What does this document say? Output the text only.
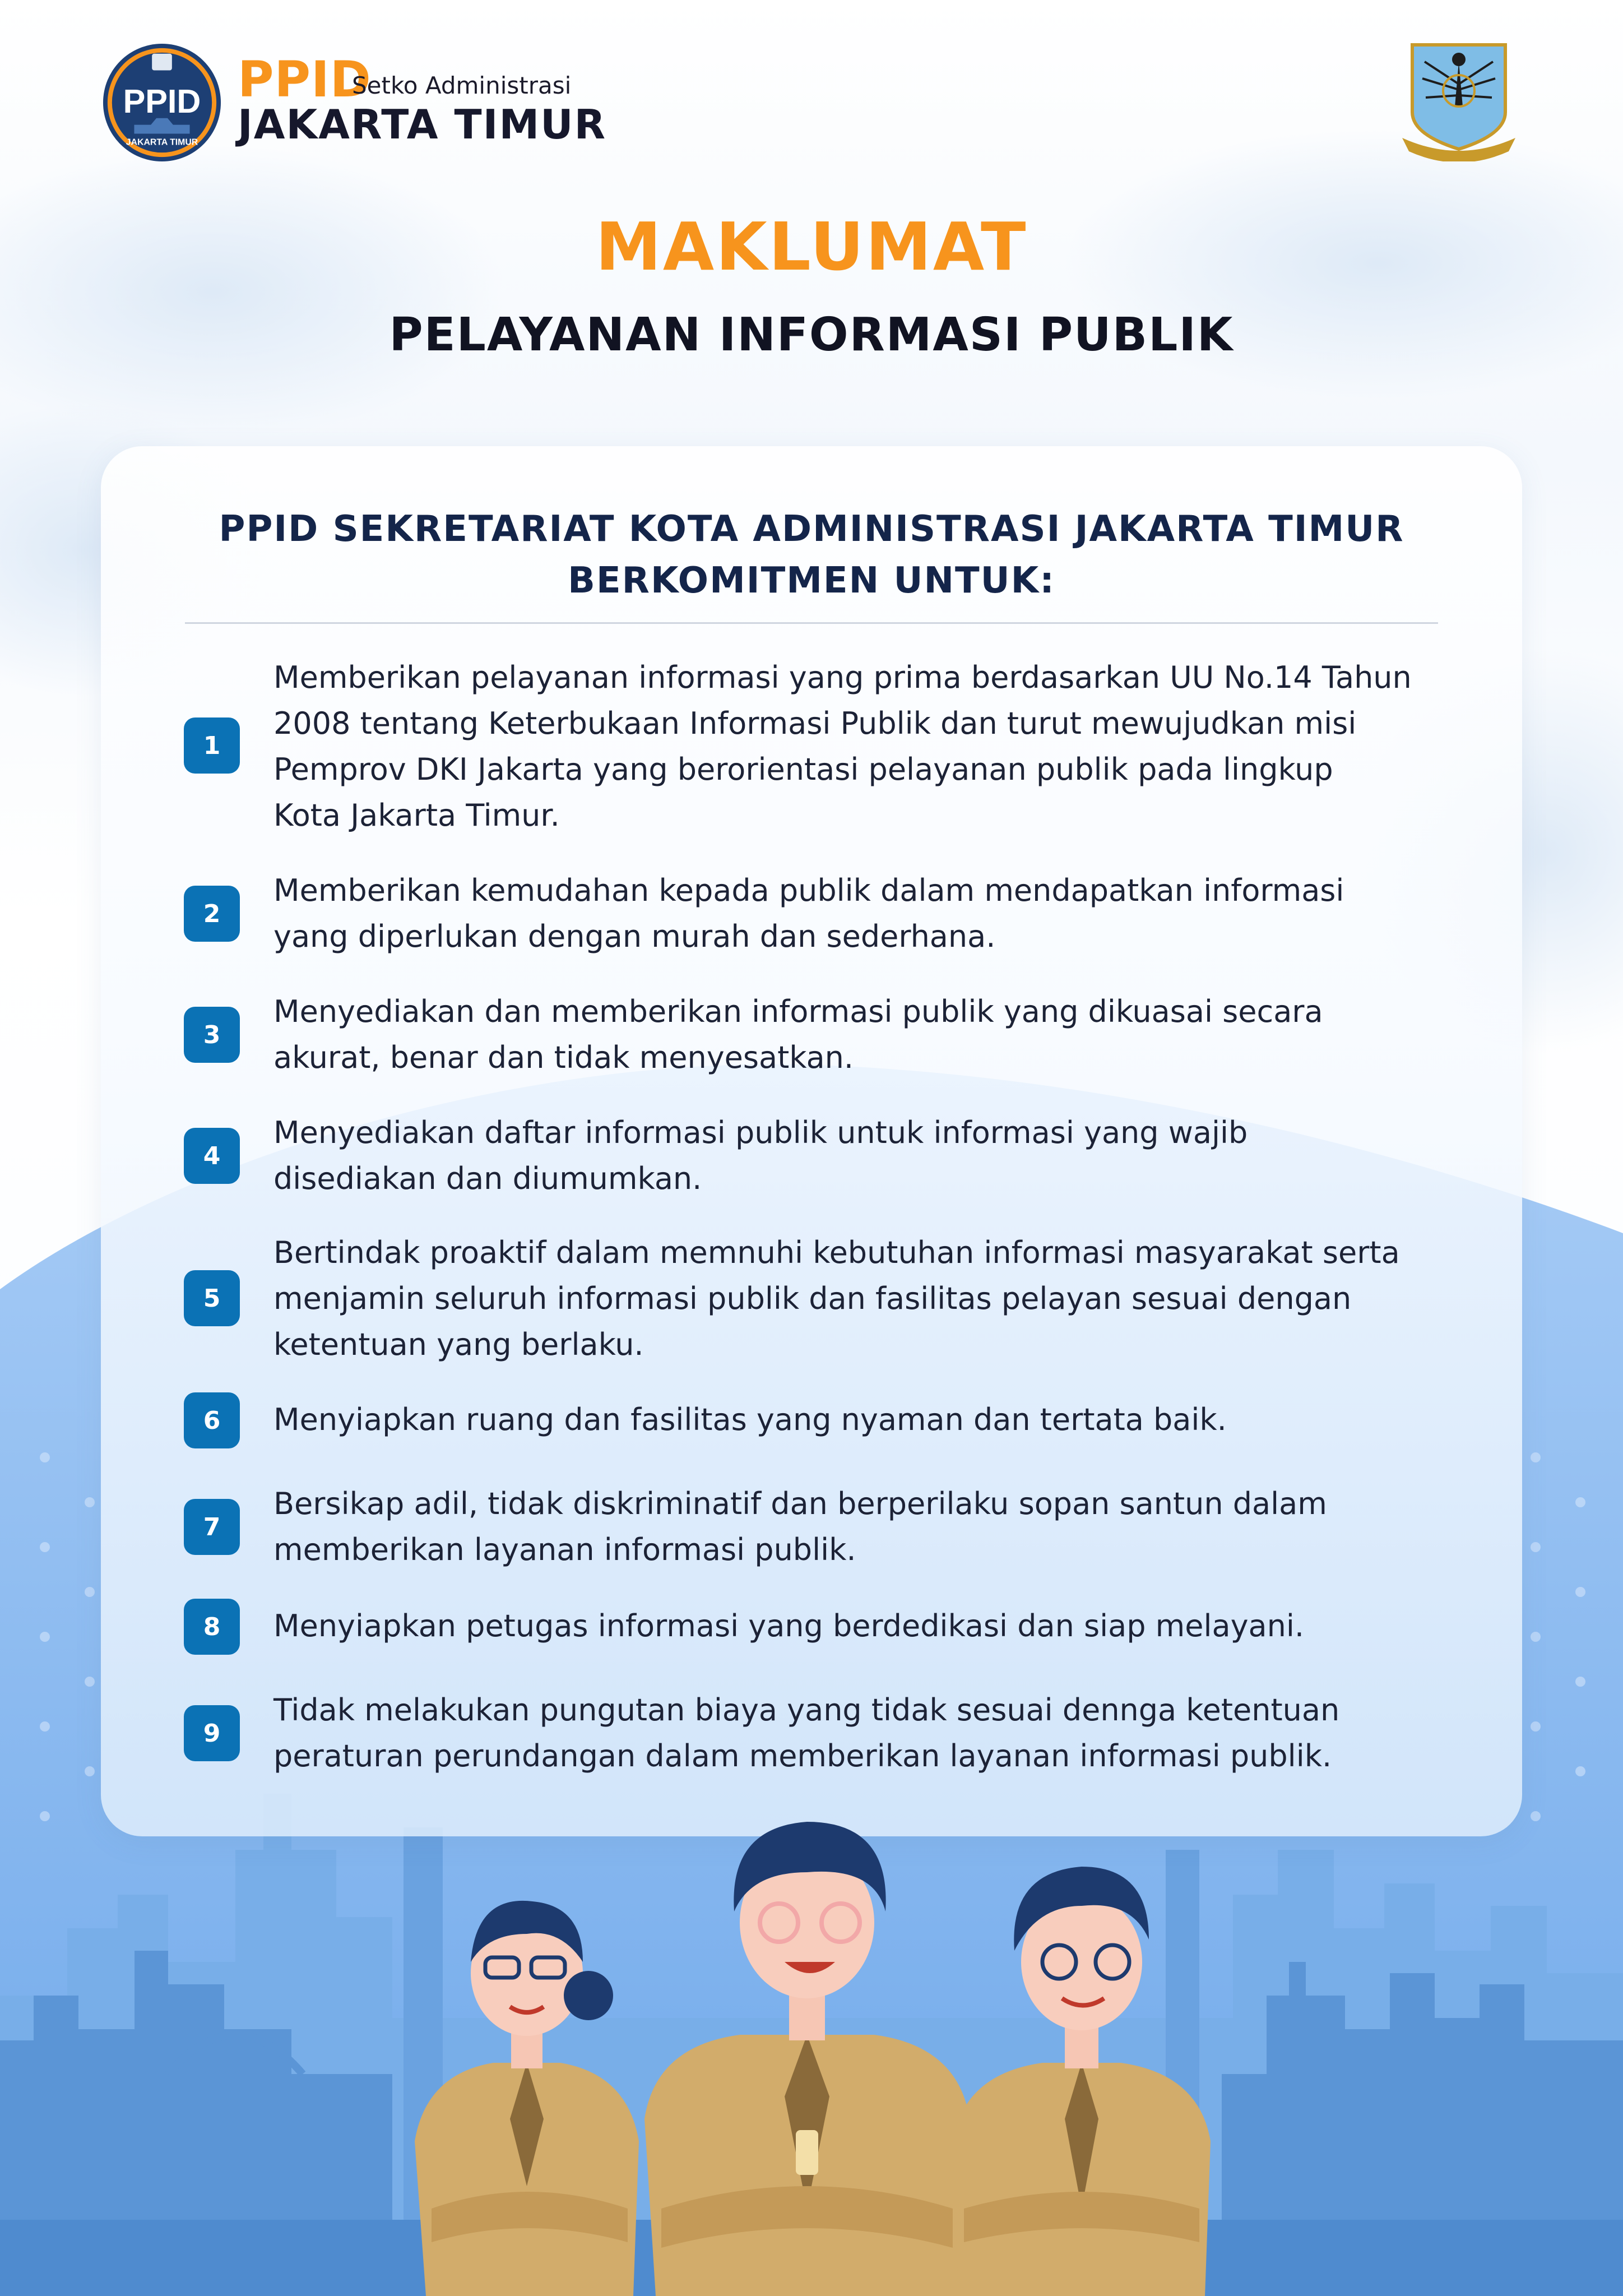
PPID
JAKARTA TIMUR
PPID
Setko Administrasi
JAKARTA TIMUR
MAKLUMAT
PELAYANAN INFORMASI PUBLIK
PPID SEKRETARIAT KOTA ADMINISTRASI JAKARTA TIMUR
BERKOMITMEN UNTUK:
1
Memberikan pelayanan informasi yang prima berdasarkan UU No.14 Tahun
2008 tentang Keterbukaan Informasi Publik dan turut mewujudkan misi
Pemprov DKI Jakarta yang berorientasi pelayanan publik pada lingkup
Kota Jakarta Timur.
2
Memberikan kemudahan kepada publik dalam mendapatkan informasi
yang diperlukan dengan murah dan sederhana.
3
Menyediakan dan memberikan informasi publik yang dikuasai secara
akurat, benar dan tidak menyesatkan.
4
Menyediakan daftar informasi publik untuk informasi yang wajib
disediakan dan diumumkan.
5
Bertindak proaktif dalam memnuhi kebutuhan informasi masyarakat serta
menjamin seluruh informasi publik dan fasilitas pelayan sesuai dengan
ketentuan yang berlaku.
6	Menyiapkan ruang dan fasilitas yang nyaman dan tertata baik.
7
Bersikap adil, tidak diskriminatif dan berperilaku sopan santun dalam
memberikan layanan informasi publik.
8	Menyiapkan petugas informasi yang berdedikasi dan siap melayani.
9
Tidak melakukan pungutan biaya yang tidak sesuai dennga ketentuan
peraturan perundangan dalam memberikan layanan informasi publik.
